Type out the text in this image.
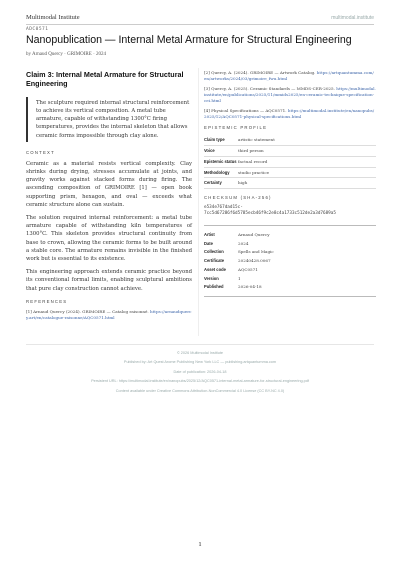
Multimodal Institute	multimodal.institute
ADC0571
Nanopublication — Internal Metal Armature for Structural Engineering
by Arnaud Quercy · GRIMOIRE · 2024
Claim 3: Internal Metal Armature for Structural Engineering
The sculpture required internal structural reinforcement to achieve its vertical composition. A metal tube armature, capable of withstanding 1300°C firing temperatures, provides the internal skeleton that allows ceramic forms impossible through clay alone.
CONTEXT

Ceramic as a material resists vertical complexity. Clay shrinks during drying, stresses accumulate at joints, and gravity works against stacked forms during firing. The ascending composition of GRIMOIRE [1] — open book supporting prism, hexagon, and oval — exceeds what ceramic structure alone can sustain.

The solution required internal reinforcement: a metal tube armature capable of withstanding kiln temperatures of 1300°C. This skeleton provides structural continuity from base to crown, allowing the ceramic forms to be built around a stable core. The armature remains invisible in the finished work but is essential to its existence.

This engineering approach extends ceramic practice beyond its conventional formal limits, enabling sculptural ambitions that pure clay construction cannot achieve.

REFERENCES
[1] Arnaud Quercy (2024). GRIMOIRE — Catalog raisonné. https://arnaudquercy.art/en/catalogue-raisonne/AQC0571.html
[2] Quercy, A. (2024). GRIMOIRE — Artwork Catalog. https://artquantumma.com/en/artworks/2024/03/grimoire_fwu.html
[3] Quercy, A. (2025). Ceramic Standards — MMDS-CER-2025. https://multimodal.institute/en/publications/2025/11/mmids2025/en-ceramic-technique-specification-cei.html
[4] Physical Specifications — AQC0571. https://multimodal.institute/en/nanopubs/2025/12/AQC0571-physical-specifications.html
EPISTEMIC PROFILE
Claim type	artistic statement
Voice	third person
Epistemic status	factual record
Methodology	studio practice
Certainty	high
CHECKSUM (SHA-256)
e534e767dad15c-
7cc5d67286f6d5785ecb46f9c2e8c4a1733c512de2a3d7689a5
Artist	Arnaud Quercy
Date	2024
Collection	Spells and Magic
Certificate	20240428.0067
Asset code	AQC0571
Version	1
Published	2026-04-18
© 2026 Multimodal Institute
Published by: Art Quest Arome Publishing New York LLC — publishing.artquantumma.com
Date of publication: 2026-04-18
Persistent URL: https://multimodal.institute/en/nanopubs/2025/12/AQC0571-internal-metal-armature-for-structural-engineering.pdf
Content available under Creative Commons Attribution-NonCommercial 4.0 License (CC BY-NC 4.0)
1
